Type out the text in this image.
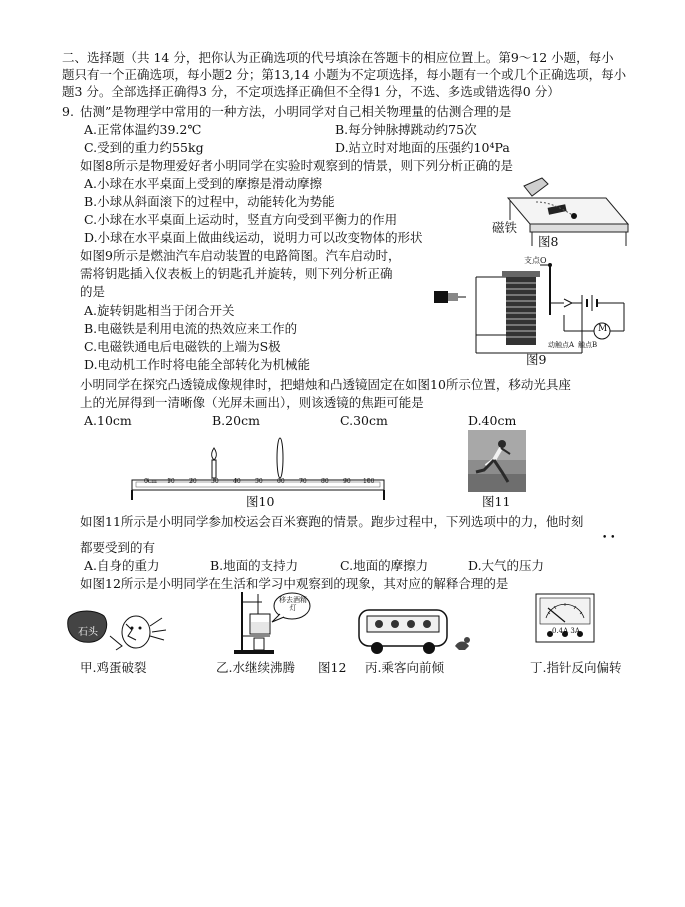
二、选择题（共 14 分，把你认为正确选项的代号填涂在答题卡的相应位置上。第9～12 小题，每小
题只有一个正确选项，每小题2 分；第13,14 小题为不定项选择，每小题有一个或几个正确选项，每小
题3 分。全部选择正确得3 分，不定项选择正确但不全得1 分，不选、多选或错选得0 分）
9. 估测”是物理学中常用的一种方法，小明同学对自己相关物理量的估测合理的是
A.正常体温约39.2℃	B.每分钟脉搏跳动约75次
C.受到的重力约55kg	D.站立时对地面的压强约10⁴Pa
如图8所示是物理爱好者小明同学在实验时观察到的情景，则下列分析正确的是
A.小球在水平桌面上受到的摩擦是滑动摩擦
B.小球从斜面滚下的过程中，动能转化为势能
C.小球在水平桌面上运动时，竖直方向受到平衡力的作用
D.小球在水平桌面上做曲线运动，说明力可以改变物体的形状
磁铁
图8
如图9所示是燃油汽车启动装置的电路简图。汽车启动时，
需将钥匙插入仪表板上的钥匙孔并旋转，则下列分析正确
的是
A.旋转钥匙相当于闭合开关
B.电磁铁是利用电流的热效应来工作的
C.电磁铁通电后电磁铁的上端为S极
D.电动机工作时将电能全部转化为机械能
支点O
动触点A 触点B
M
图9
小明同学在探究凸透镜成像规律时，把蜡烛和凸透镜固定在如图10所示位置，移动光具座
上的光屏得到一清晰像（光屏未画出），则该透镜的焦距可能是
A.10cm	B.20cm	C.30cm	D.40cm
0cm 10 20 30 40 50 60 70 80 90 100
图10	图11
如图11所示是小明同学参加校运会百米赛跑的情景。跑步过程中，下列选项中的力，他时刻
• •
都要受到的有
A.自身的重力	B.地面的支持力	C.地面的摩擦力	D.大气的压力
如图12所示是小明同学在生活和学习中观察到的现象，其对应的解释合理的是
石头
移去酒精灯
0.4A 3A
甲.鸡蛋破裂	乙.水继续沸腾 图12 丙.乘客向前倾	丁.指针反向偏转
